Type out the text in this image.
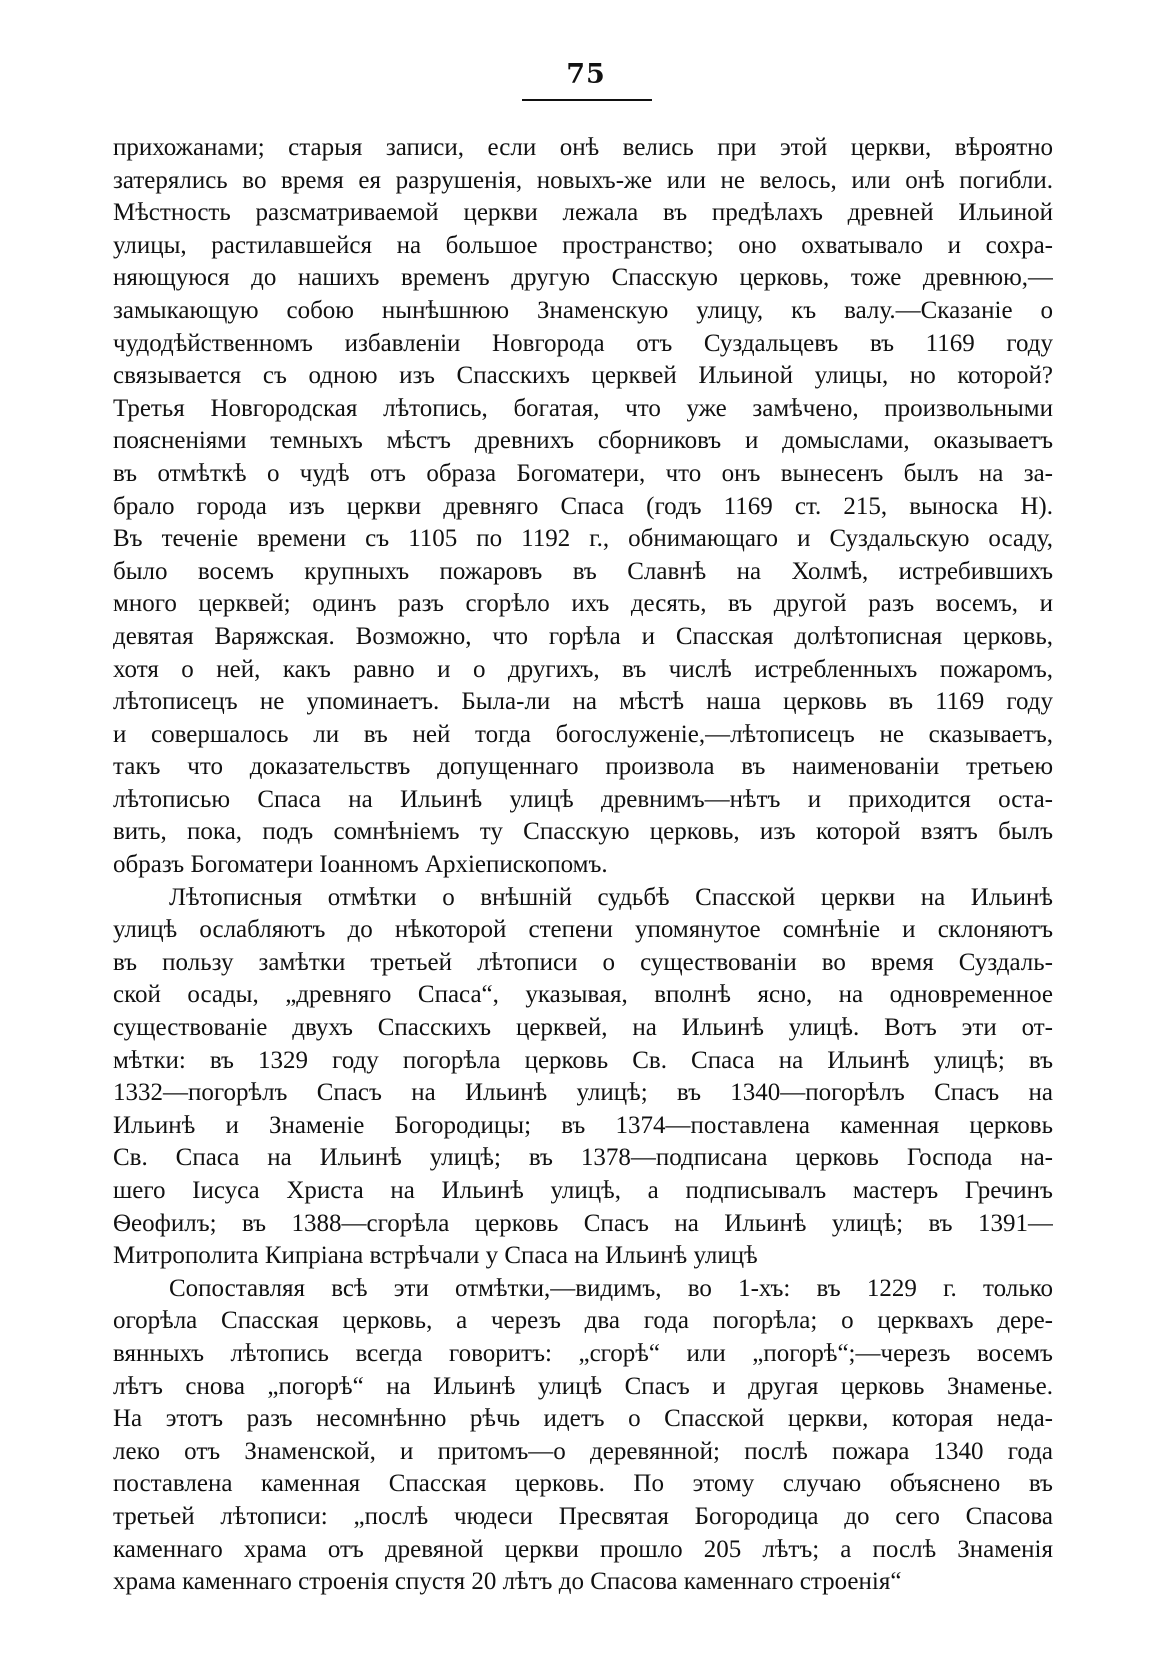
75
прихожанами; старыя записи, если онѣ велись при этой церкви, вѣроятно
затерялись во время ея разрушенія, новыхъ-же или не велось, или онѣ погибли.
Мѣстность разсматриваемой церкви лежала въ предѣлахъ древней Ильиной
улицы, растилавшейся на большое пространство; оно охватывало и сохра-
няющуюся до нашихъ временъ другую Спасскую церковь, тоже древнюю,—
замыкающую собою нынѣшнюю Знаменскую улицу, къ валу.—Сказаніе о
чудодѣйственномъ избавленіи Новгорода отъ Суздальцевъ въ 1169 году
связывается съ одною изъ Спасскихъ церквей Ильиной улицы, но которой?
Третья Новгородская лѣтопись, богатая, что уже замѣчено, произвольными
поясненіями темныхъ мѣстъ древнихъ сборниковъ и домыслами, оказываетъ
въ отмѣткѣ о чудѣ отъ образа Богоматери, что онъ вынесенъ былъ на за-
брало города изъ церкви древняго Спаса (годъ 1169 ст. 215, выноска Н).
Въ теченіе времени съ 1105 по 1192 г., обнимающаго и Суздальскую осаду,
было восемъ крупныхъ пожаровъ въ Славнѣ на Холмѣ, истребившихъ
много церквей; одинъ разъ сгорѣло ихъ десять, въ другой разъ восемъ, и
девятая Варяжская. Возможно, что горѣла и Спасская долѣтописная церковь,
хотя о ней, какъ равно и о другихъ, въ числѣ истребленныхъ пожаромъ,
лѣтописецъ не упоминаетъ. Была-ли на мѣстѣ наша церковь въ 1169 году
и совершалось ли въ ней тогда богослуженіе,—лѣтописецъ не сказываетъ,
такъ что доказательствъ допущеннаго произвола въ наименованіи третьею
лѣтописью Спаса на Ильинѣ улицѣ древнимъ—нѣтъ и приходится оста-
вить, пока, подъ сомнѣніемъ ту Спасскую церковь, изъ которой взятъ былъ
образъ Богоматери Іоанномъ Архіепископомъ.
Лѣтописныя отмѣтки о внѣшній судьбѣ Спасской церкви на Ильинѣ
улицѣ ослабляютъ до нѣкоторой степени упомянутое сомнѣніе и склоняютъ
въ пользу замѣтки третьей лѣтописи о существованіи во время Суздаль-
ской осады, „древняго Спаса“, указывая, вполнѣ ясно, на одновременное
существованіе двухъ Спасскихъ церквей, на Ильинѣ улицѣ. Вотъ эти от-
мѣтки: въ 1329 году погорѣла церковь Св. Спаса на Ильинѣ улицѣ; въ
1332—погорѣлъ Спасъ на Ильинѣ улицѣ; въ 1340—погорѣлъ Спасъ на
Ильинѣ и Знаменіе Богородицы; въ 1374—поставлена каменная церковь
Св. Спаса на Ильинѣ улицѣ; въ 1378—подписана церковь Господа на-
шего Іисуса Христа на Ильинѣ улицѣ, а подписывалъ мастеръ Гречинъ
Ѳеофилъ; въ 1388—сгорѣла церковь Спасъ на Ильинѣ улицѣ; въ 1391—
Митрополита Кипріана встрѣчали у Спаса на Ильинѣ улицѣ
Сопоставляя всѣ эти отмѣтки,—видимъ, во 1-хъ: въ 1229 г. только
огорѣла Спасская церковь, а черезъ два года погорѣла; о церквахъ дере-
вянныхъ лѣтопись всегда говоритъ: „сгорѣ“ или „погорѣ“;—черезъ восемъ
лѣтъ снова „погорѣ“ на Ильинѣ улицѣ Спасъ и другая церковь Знаменье.
На этотъ разъ несомнѣнно рѣчь идетъ о Спасской церкви, которая неда-
леко отъ Знаменской, и притомъ—о деревянной; послѣ пожара 1340 года
поставлена каменная Спасская церковь. По этому случаю объяснено въ
третьей лѣтописи: „послѣ чюдеси Пресвятая Богородица до сего Спасова
каменнаго храма отъ древяной церкви прошло 205 лѣтъ; а послѣ Знаменія
храма каменнаго строенія спустя 20 лѣтъ до Спасова каменнаго строенія“
